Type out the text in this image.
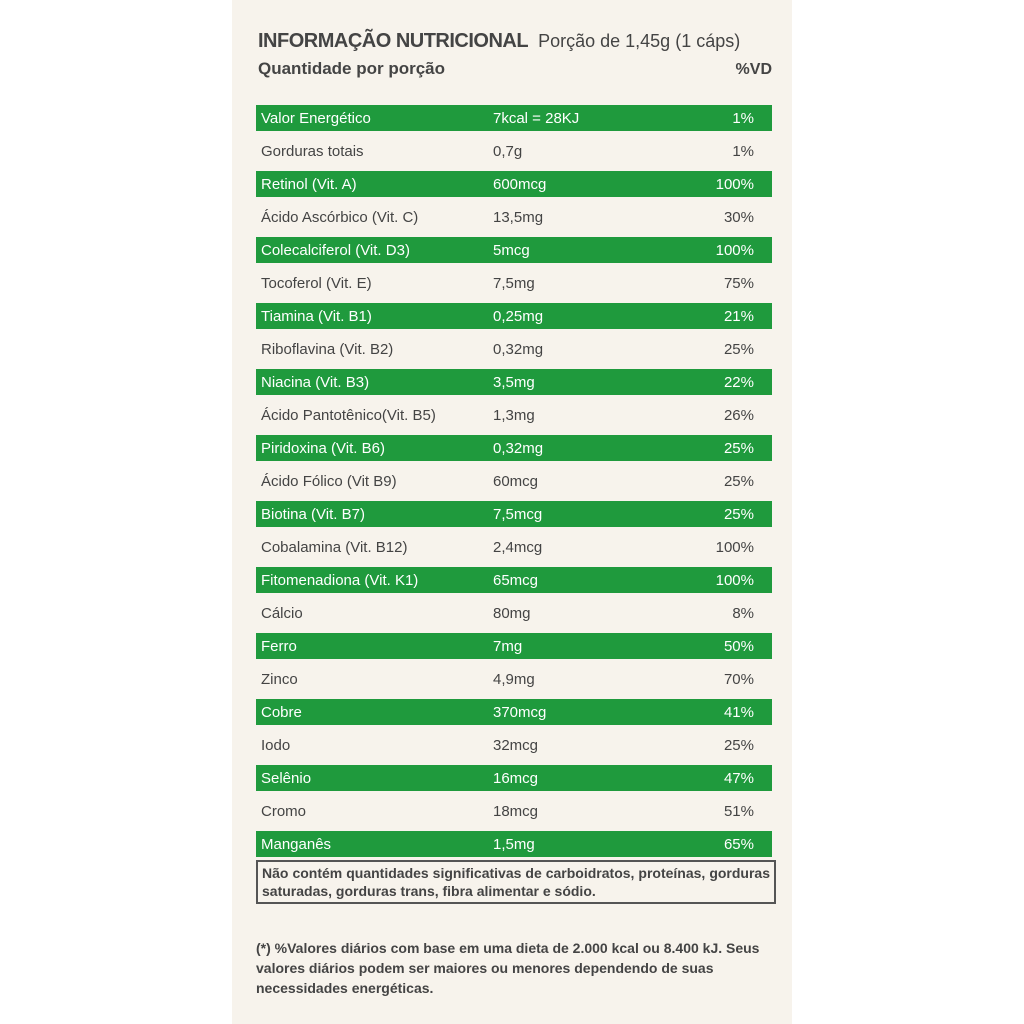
INFORMAÇÃO NUTRICIONAL Porção de 1,45g (1 cáps)
Quantidade por porção	%VD
Valor Energético	7kcal = 28KJ	1%
Gorduras totais	0,7g	1%
Retinol (Vit. A)	600mcg	100%
Ácido Ascórbico (Vit. C)	13,5mg	30%
Colecalciferol (Vit. D3)	5mcg	100%
Tocoferol (Vit. E)	7,5mg	75%
Tiamina (Vit. B1)	0,25mg	21%
Riboflavina (Vit. B2)	0,32mg	25%
Niacina (Vit. B3)	3,5mg	22%
Ácido Pantotênico(Vit. B5)	1,3mg	26%
Piridoxina (Vit. B6)	0,32mg	25%
Ácido Fólico (Vit B9)	60mcg	25%
Biotina (Vit. B7)	7,5mcg	25%
Cobalamina (Vit. B12)	2,4mcg	100%
Fitomenadiona (Vit. K1)	65mcg	100%
Cálcio	80mg	8%
Ferro	7mg	50%
Zinco	4,9mg	70%
Cobre	370mcg	41%
Iodo	32mcg	25%
Selênio	16mcg	47%
Cromo	18mcg	51%
Manganês	1,5mg	65%
Não contém quantidades significativas de carboidratos, proteínas, gorduras saturadas, gorduras trans, fibra alimentar e sódio.
(*) %Valores diários com base em uma dieta de 2.000 kcal ou 8.400 kJ. Seus valores diários podem ser maiores ou menores dependendo de suas necessidades energéticas.
